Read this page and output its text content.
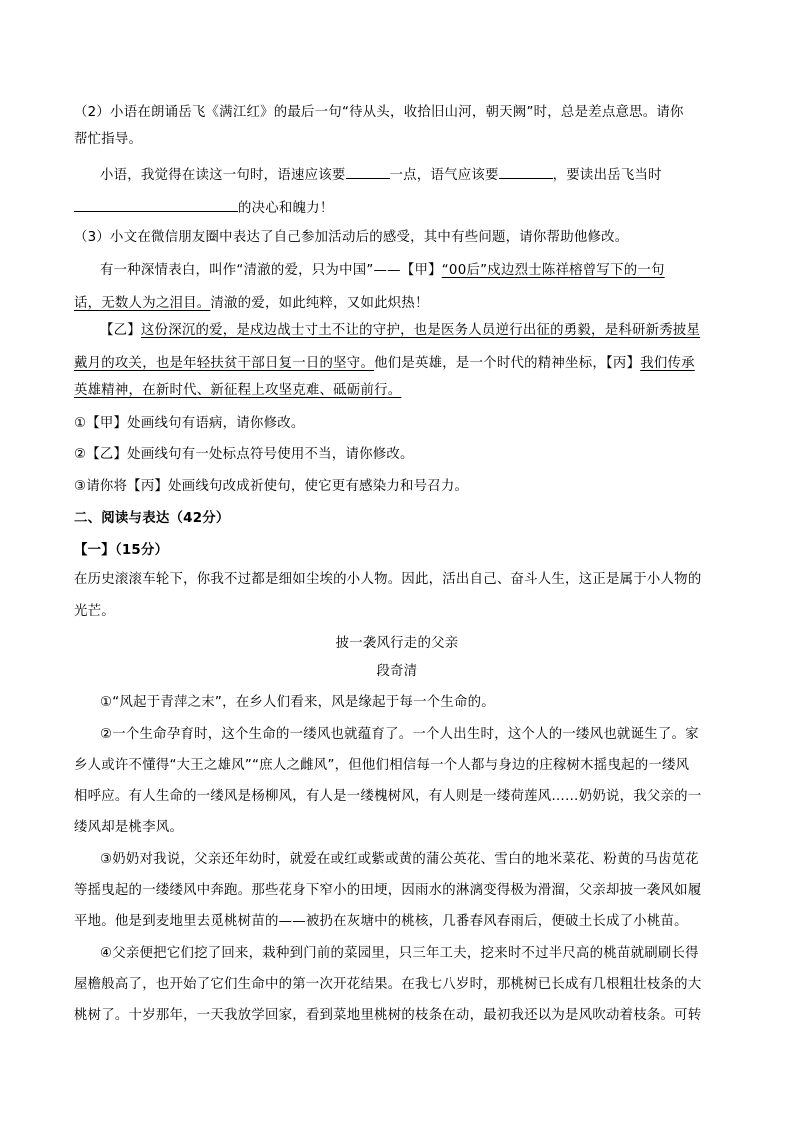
（2）小语在朗诵岳飞《满江红》的最后一句“待从头，收拾旧山河，朝天阙”时，总是差点意思。请你
帮忙指导。
小语，我觉得在读这一句时，语速应该要	一点，语气应该要	，要读出岳飞当时
的决心和魄力！
（3）小文在微信朋友圈中表达了自己参加活动后的感受，其中有些问题，请你帮助他修改。
有一种深情表白，叫作“清澈的爱，只为中国”——【甲】“00后”戍边烈士陈祥榕曾写下的一句
话，无数人为之泪目。清澈的爱，如此纯粹，又如此炽热！
【乙】这份深沉的爱，是戍边战士寸土不让的守护，也是医务人员逆行出征的勇毅，是科研新秀披星
戴月的攻关，也是年轻扶贫干部日复一日的坚守。他们是英雄，是一个时代的精神坐标，【丙】我们传承
英雄精神，在新时代、新征程上攻坚克难、砥砺前行。
①【甲】处画线句有语病，请你修改。
②【乙】处画线句有一处标点符号使用不当，请你修改。
③请你将【丙】处画线句改成祈使句，使它更有感染力和号召力。
二、阅读与表达（42分）
【一】（15分）
在历史滚滚车轮下，你我不过都是细如尘埃的小人物。因此，活出自己、奋斗人生，这正是属于小人物的
光芒。
披一袭风行走的父亲
段奇清
①“风起于青萍之末”，在乡人们看来，风是缘起于每一个生命的。
②一个生命孕育时，这个生命的一缕风也就蕴育了。一个人出生时，这个人的一缕风也就诞生了。家
乡人或许不懂得“大王之雄风”“庶人之雌风”，但他们相信每一个人都与身边的庄稼树木摇曳起的一缕风
相呼应。有人生命的一缕风是杨柳风，有人是一缕槐树风，有人则是一缕荷莲风……奶奶说，我父亲的一
缕风却是桃李风。
③奶奶对我说，父亲还年幼时，就爱在或红或紫或黄的蒲公英花、雪白的地米菜花、粉黄的马齿苋花
等摇曳起的一缕缕风中奔跑。那些花身下窄小的田埂，因雨水的淋漓变得极为滑溜，父亲却披一袭风如履
平地。他是到麦地里去觅桃树苗的——被扔在灰塘中的桃核，几番春风春雨后，便破土长成了小桃苗。
④父亲便把它们挖了回来，栽种到门前的菜园里，只三年工夫，挖来时不过半尺高的桃苗就刷刷长得
屋檐般高了，也开始了它们生命中的第一次开花结果。在我七八岁时，那桃树已长成有几根粗壮枝条的大
桃树了。十岁那年，一天我放学回家，看到菜地里桃树的枝条在动，最初我还以为是风吹动着枝条。可转
